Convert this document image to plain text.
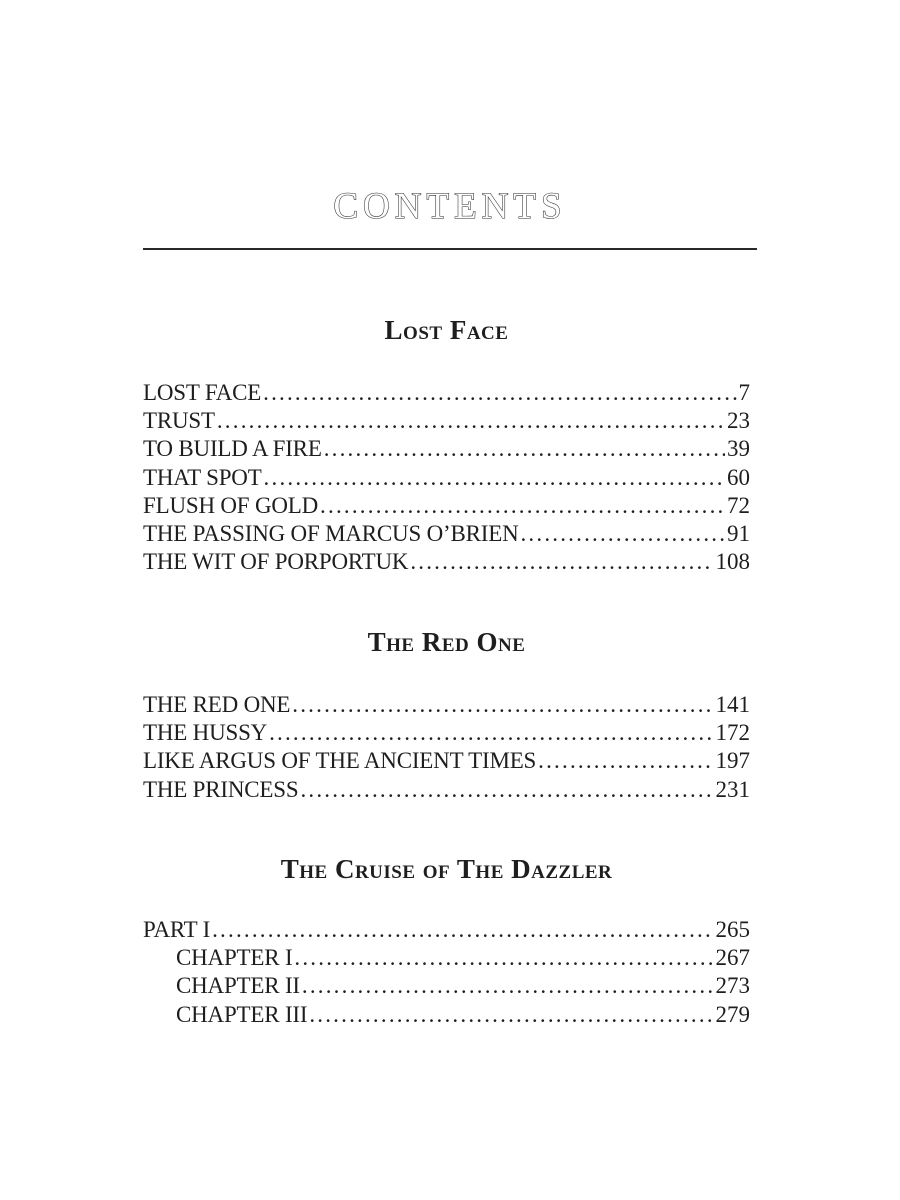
CONTENTS
Lost Face
LOST FACE .....	7
TRUST .....	23
TO BUILD A FIRE .....	39
THAT SPOT .....	60
FLUSH OF GOLD .....	72
THE PASSING OF MARCUS O’BRIEN .....	91
THE WIT OF PORPORTUK .....	108
The Red One
THE RED ONE .....	141
THE HUSSY .....	172
LIKE ARGUS OF THE ANCIENT TIMES .....	197
THE PRINCESS .....	231
The Cruise of The Dazzler
PART I .....	265
CHAPTER I .....	267
CHAPTER II .....	273
CHAPTER III .....	279
